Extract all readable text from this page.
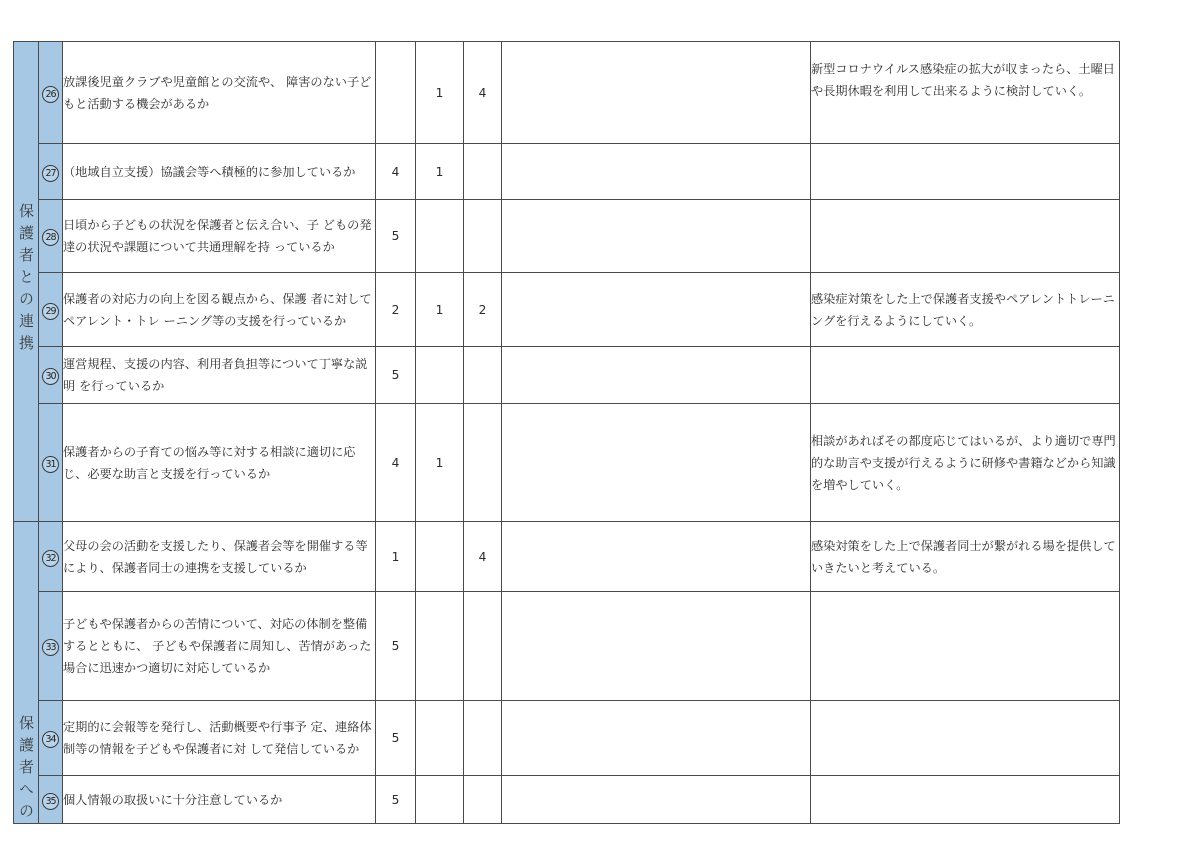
保護者との連携	26	放課後児童クラブや児童館との交流や、 障害のない子どもと活動する機会があるか		1	4		新型コロナウイルス感染症の拡大が収まったら、土曜日や長期休暇を利用して出来るように検討していく。
	27	（地域自立支援）協議会等へ積極的に参加しているか	4	1			
	28	日頃から子どもの状況を保護者と伝え合い、子 どもの発達の状況や課題について共通理解を持 っているか	5				
	29	保護者の対応力の向上を図る観点から、保護 者に対してペアレント・トレ ーニング等の支援を行っているか	2	1	2		感染症対策をした上で保護者支援やペアレントトレーニングを行えるようにしていく。
	30	運営規程、支援の内容、利用者負担等について丁寧な説明 を行っているか	5				
	31	保護者からの子育ての悩み等に対する相談に適切に応じ、必要な助言と支援を行っているか	4	1			相談があればその都度応じてはいるが、より適切で専門的な助言や支援が行えるように研修や書籍などから知識を増やしていく。

保護者への	32	父母の会の活動を支援したり、保護者会等を開催する等により、保護者同士の連携を支援しているか	1		4		感染対策をした上で保護者同士が繋がれる場を提供していきたいと考えている。
	33	子どもや保護者からの苦情について、対応の体制を整備するとともに、 子どもや保護者に周知し、苦情があった場合に迅速かつ適切に対応しているか	5				
	34	定期的に会報等を発行し、活動概要や行事予 定、連絡体制等の情報を子どもや保護者に対 して発信しているか	5				
	35	個人情報の取扱いに十分注意しているか	5				
